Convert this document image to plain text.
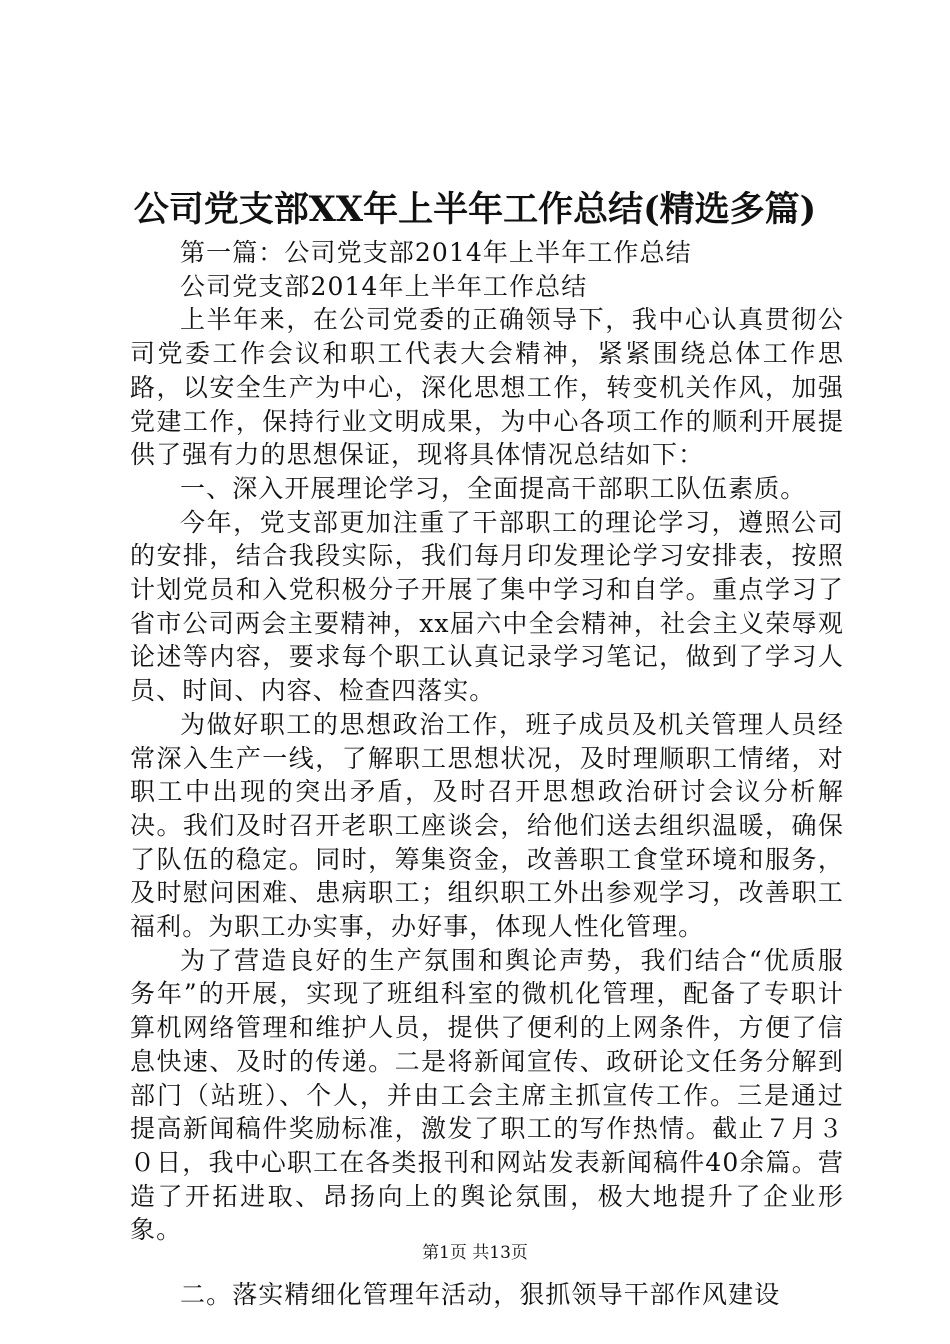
公司党支部XX年上半年工作总结(精选多篇)

第一篇：公司党支部2014年上半年工作总结

公司党支部2014年上半年工作总结

上半年来，在公司党委的正确领导下，我中心认真贯彻公司党委工作会议和职工代表大会精神，紧紧围绕总体工作思路，以安全生产为中心，深化思想工作，转变机关作风，加强党建工作，保持行业文明成果，为中心各项工作的顺利开展提供了强有力的思想保证，现将具体情况总结如下：

一、深入开展理论学习，全面提高干部职工队伍素质。

今年，党支部更加注重了干部职工的理论学习，遵照公司的安排，结合我段实际，我们每月印发理论学习安排表，按照计划党员和入党积极分子开展了集中学习和自学。重点学习了省市公司两会主要精神，xx届六中全会精神，社会主义荣辱观论述等内容，要求每个职工认真记录学习笔记，做到了学习人员、时间、内容、检查四落实。

为做好职工的思想政治工作，班子成员及机关管理人员经常深入生产一线，了解职工思想状况，及时理顺职工情绪，对职工中出现的突出矛盾，及时召开思想政治研讨会议分析解决。我们及时召开老职工座谈会，给他们送去组织温暖，确保了队伍的稳定。同时，筹集资金，改善职工食堂环境和服务，及时慰问困难、患病职工；组织职工外出参观学习，改善职工福利。为职工办实事，办好事，体现人性化管理。

为了营造良好的生产氛围和舆论声势，我们结合“优质服务年”的开展，实现了班组科室的微机化管理，配备了专职计算机网络管理和维护人员，提供了便利的上网条件，方便了信息快速、及时的传递。二是将新闻宣传、政研论文任务分解到部门（站班）、个人，并由工会主席主抓宣传工作。三是通过提高新闻稿件奖励标准，激发了职工的写作热情。截止７月３０日，我中心职工在各类报刊和网站发表新闻稿件40余篇。营造了开拓进取、昂扬向上的舆论氛围，极大地提升了企业形象。

二。落实精细化管理年活动，狠抓领导干部作风建设

第1页 共13页
